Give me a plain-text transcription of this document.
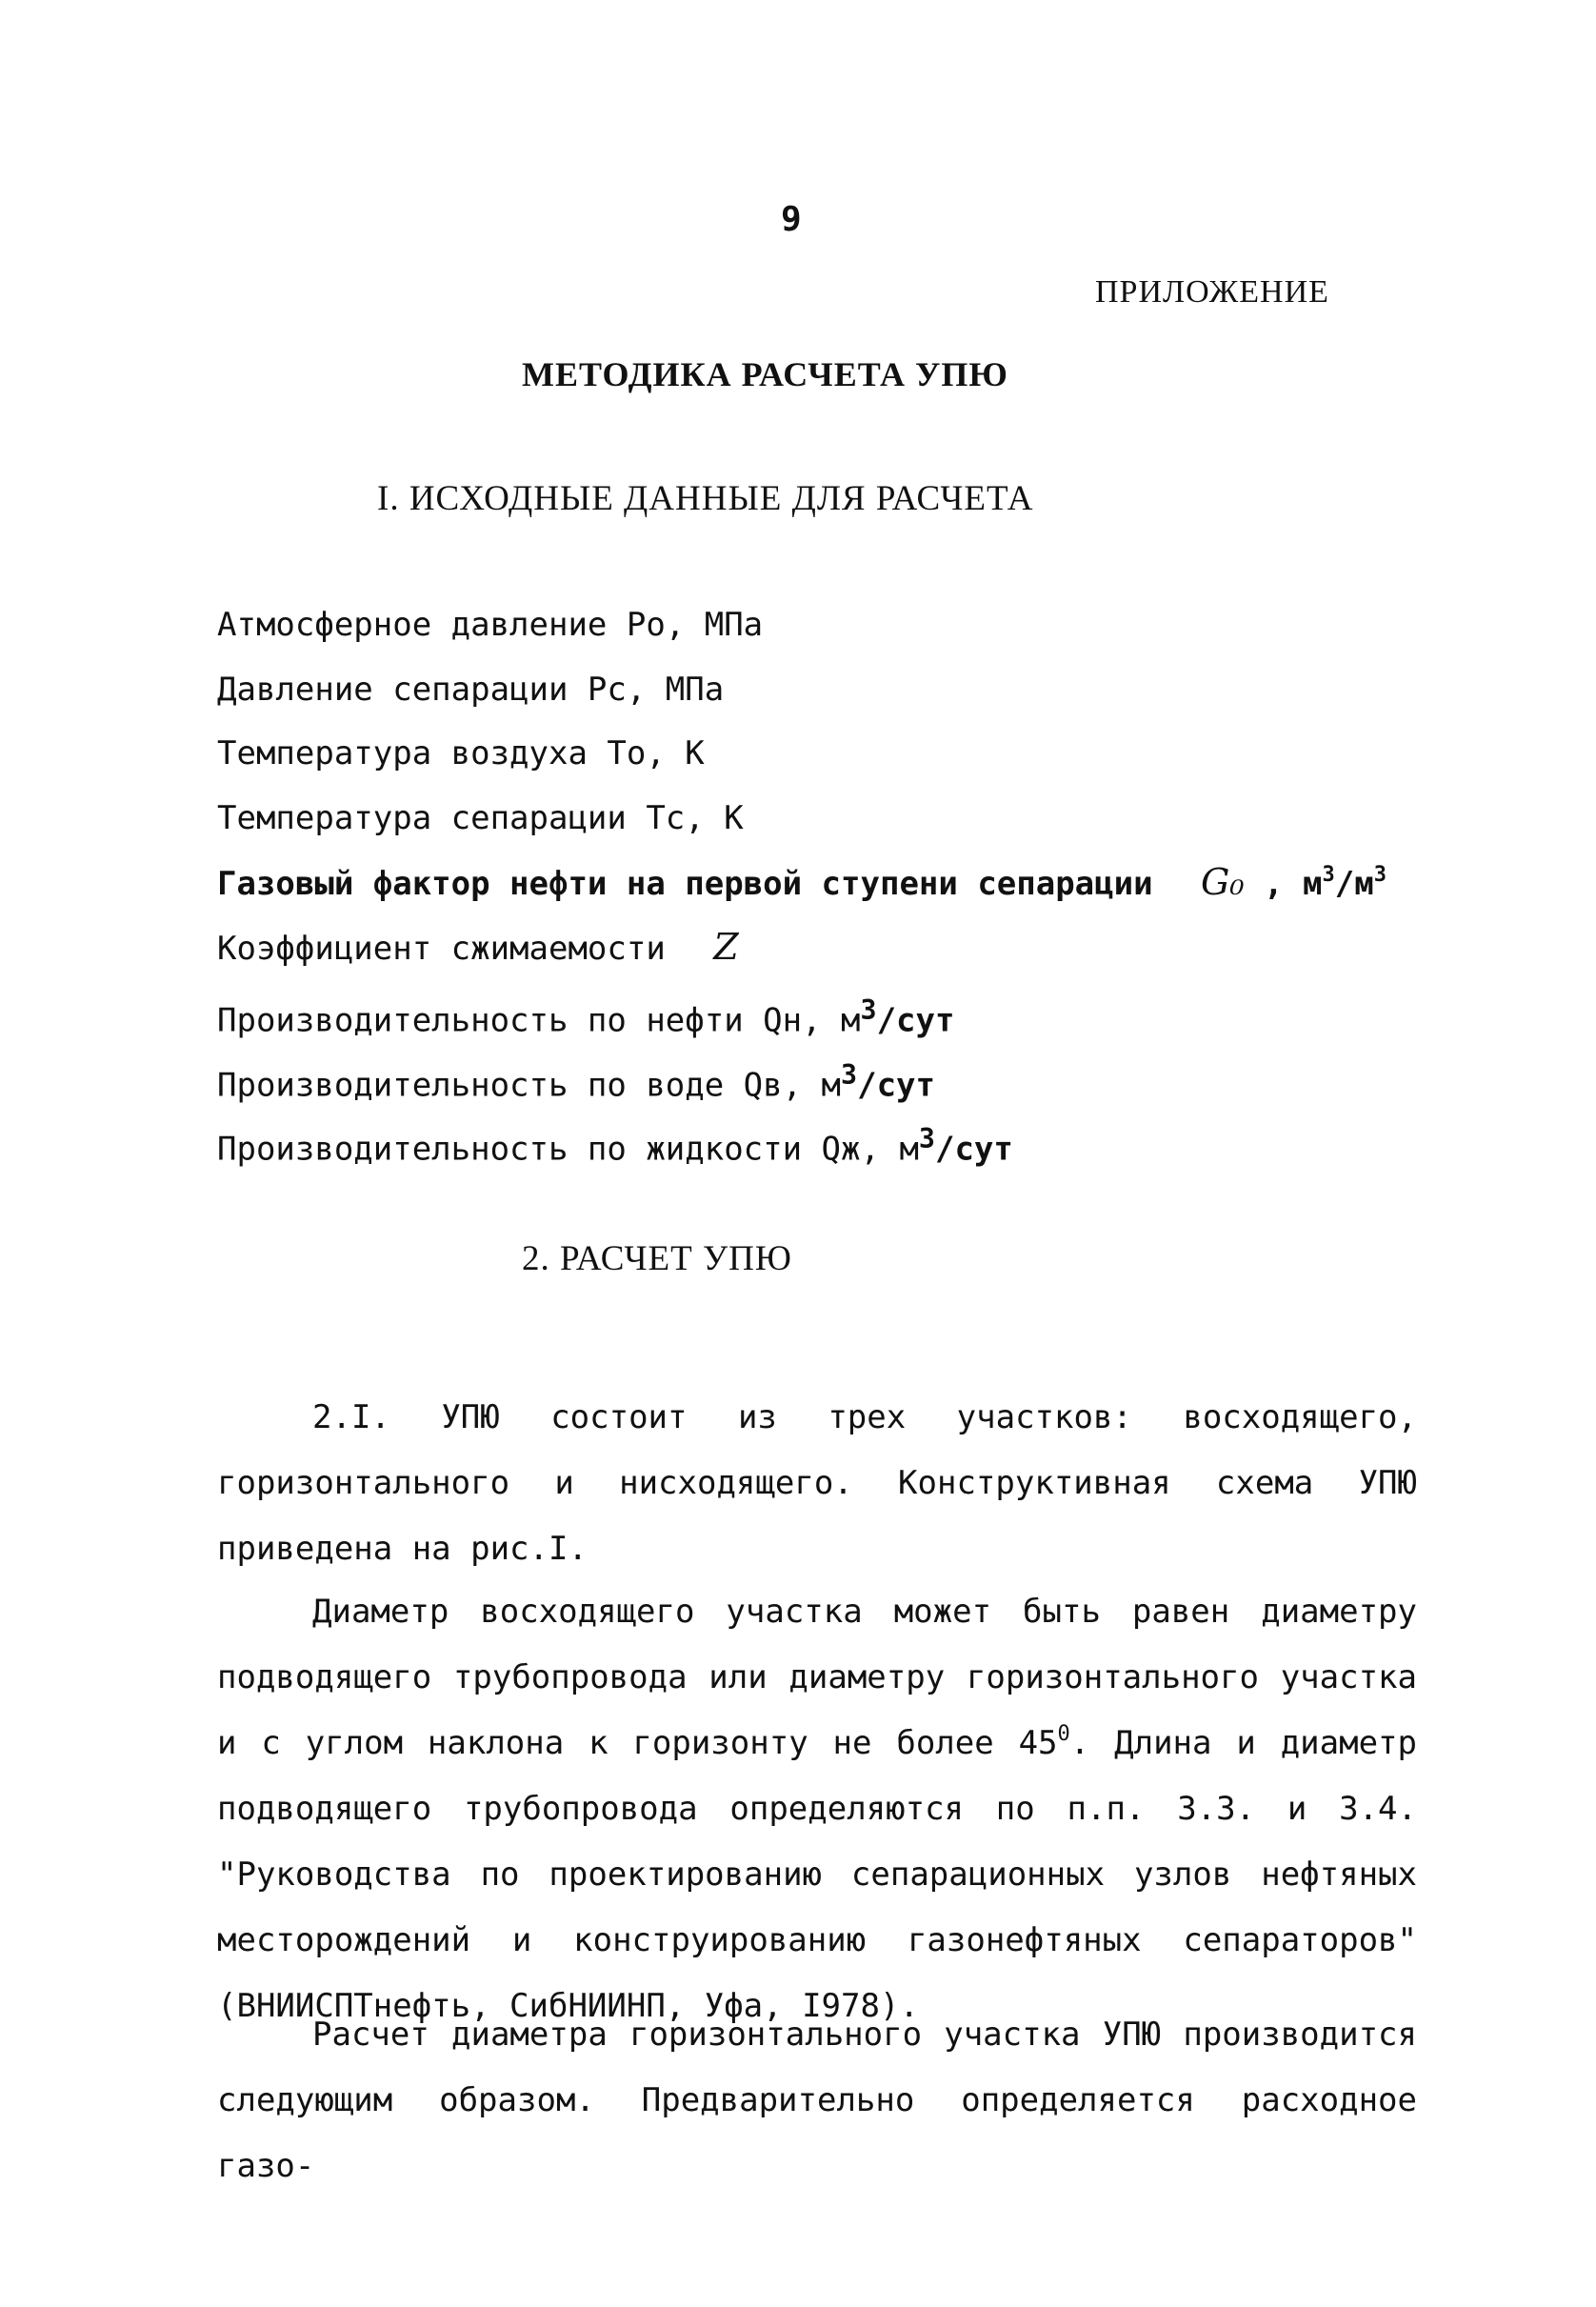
9
ПРИЛОЖЕНИЕ
МЕТОДИКА РАСЧЕТА УПЮ
I. ИСХОДНЫЕ ДАННЫЕ ДЛЯ РАСЧЕТА
Атмосферное давление Po, МПа
Давление сепарации Pc, МПа
Температура воздуха To, К
Температура сепарации Tc, К
Газовый фактор нефти на первой ступени сепарации G₀ , $м^3/м^3$
Коэффициент сжимаемости Z
Производительность по нефти Qн, $м^3$/сут
Производительность по воде Qв, $м^3$/сут
Производительность по жидкости Qж, $м^3$/сут
2. РАСЧЕТ УПЮ

2.I. УПЮ состоит из трех участков: восходящего, горизонтального и нисходящего. Конструктивная схема УПЮ приведена на рис.I.

Диаметр восходящего участка может быть равен диаметру подводящего трубопровода или диаметру горизонтального участка и с углом наклона к горизонту не более $45^0$. Длина и диаметр подводящего трубопровода определяются по п.п. 3.3. и 3.4. "Руководства по проектированию сепарационных узлов нефтяных месторождений и конструированию газонефтяных сепараторов" (ВНИИСПТнефть, СибНИИНП, Уфа, I978).

Расчет диаметра горизонтального участка УПЮ производится следующим образом. Предварительно определяется расходное газо-
